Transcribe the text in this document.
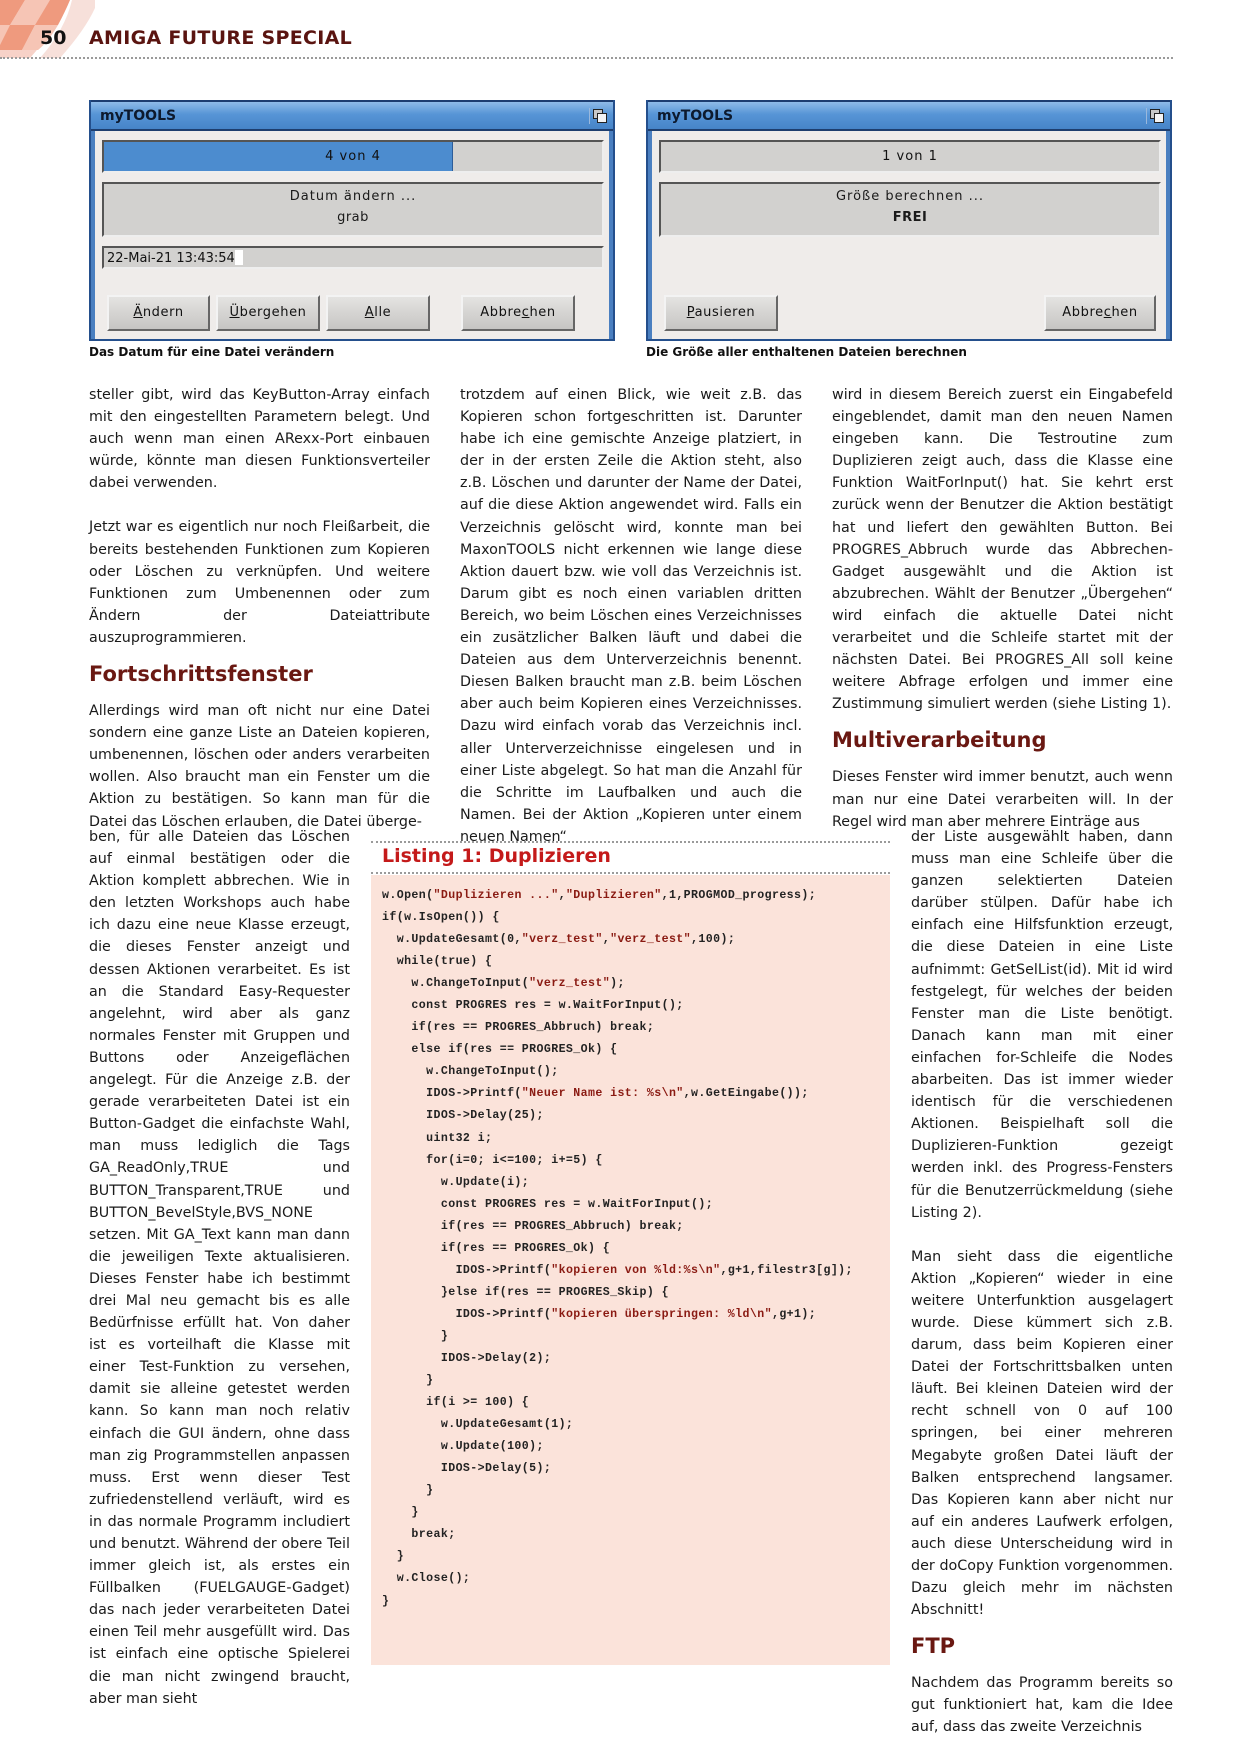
50 AMIGA FUTURE SPECIAL
myTOOLS
4 von 4
Datum ändern ...
grab
22-Mai-21 13:43:54
Ändern	Übergehen	Alle	Abbrechen
Das Datum für eine Datei verändern
myTOOLS
1 von 1
Größe berechnen ...
FREI
Pausieren	Abbrechen
Die Größe aller enthaltenen Dateien berechnen

steller gibt, wird das KeyButton-Array einfach mit den eingestellten Parametern belegt. Und auch wenn man einen ARexx-Port einbauen würde, könnte man diesen Funktionsverteiler dabei verwenden.

Jetzt war es eigentlich nur noch Fleißarbeit, die bereits bestehenden Funktionen zum Kopieren oder Löschen zu verknüpfen. Und weitere Funktionen zum Umbenennen oder zum Ändern der Dateiattribute auszuprogrammieren.

Fortschrittsfenster

Allerdings wird man oft nicht nur eine Datei sondern eine ganze Liste an Dateien kopieren, umbenennen, löschen oder anders verarbeiten wollen. Also braucht man ein Fenster um die Aktion zu bestätigen. So kann man für die Datei das Löschen erlauben, die Datei überge-

ben, für alle Dateien das Löschen auf einmal bestätigen oder die Aktion komplett abbrechen. Wie in den letzten Workshops auch habe ich dazu eine neue Klasse erzeugt, die dieses Fenster anzeigt und dessen Aktionen verarbeitet. Es ist an die Standard Easy-Requester angelehnt, wird aber als ganz normales Fenster mit Gruppen und Buttons oder Anzeigeflächen angelegt. Für die Anzeige z.B. der gerade verarbeiteten Datei ist ein Button-Gadget die einfachste Wahl, man muss lediglich die Tags GA_ReadOnly,TRUE und BUTTON_Transparent,TRUE und BUTTON_BevelStyle,BVS_NONE setzen. Mit GA_Text kann man dann die jeweiligen Texte aktualisieren. Dieses Fenster habe ich bestimmt drei Mal neu gemacht bis es alle Bedürfnisse erfüllt hat. Von daher ist es vorteilhaft die Klasse mit einer Test-Funktion zu versehen, damit sie alleine getestet werden kann. So kann man noch relativ einfach die GUI ändern, ohne dass man zig Programmstellen anpassen muss. Erst wenn dieser Test zufriedenstellend verläuft, wird es in das normale Programm includiert und benutzt. Während der obere Teil immer gleich ist, als erstes ein Füllbalken (FUELGAUGE-Gadget) das nach jeder verarbeiteten Datei einen Teil mehr ausgefüllt wird. Das ist einfach eine optische Spielerei die man nicht zwingend braucht, aber man sieht

trotzdem auf einen Blick, wie weit z.B. das Kopieren schon fortgeschritten ist. Darunter habe ich eine gemischte Anzeige platziert, in der in der ersten Zeile die Aktion steht, also z.B. Löschen und darunter der Name der Datei, auf die diese Aktion angewendet wird. Falls ein Verzeichnis gelöscht wird, konnte man bei MaxonTOOLS nicht erkennen wie lange diese Aktion dauert bzw. wie voll das Verzeichnis ist. Darum gibt es noch einen variablen dritten Bereich, wo beim Löschen eines Verzeichnisses ein zusätzlicher Balken läuft und dabei die Dateien aus dem Unterverzeichnis benennt. Diesen Balken braucht man z.B. beim Löschen aber auch beim Kopieren eines Verzeichnisses. Dazu wird einfach vorab das Verzeichnis incl. aller Unterverzeichnisse eingelesen und in einer Liste abgelegt. So hat man die Anzahl für die Schritte im Laufbalken und auch die Namen. Bei der Aktion „Kopieren unter einem neuen Namen“

wird in diesem Bereich zuerst ein Eingabefeld eingeblendet, damit man den neuen Namen eingeben kann. Die Testroutine zum Duplizieren zeigt auch, dass die Klasse eine Funktion WaitForInput() hat. Sie kehrt erst zurück wenn der Benutzer die Aktion bestätigt hat und liefert den gewählten Button. Bei PROGRES_Abbruch wurde das Abbrechen-Gadget ausgewählt und die Aktion ist abzubrechen. Wählt der Benutzer „Übergehen“ wird einfach die aktuelle Datei nicht verarbeitet und die Schleife startet mit der nächsten Datei. Bei PROGRES_All soll keine weitere Abfrage erfolgen und immer eine Zustimmung simuliert werden (siehe Listing 1).

Multiverarbeitung

Dieses Fenster wird immer benutzt, auch wenn man nur eine Datei verarbeiten will. In der Regel wird man aber mehrere Einträge aus

der Liste ausgewählt haben, dann muss man eine Schleife über die ganzen selektierten Dateien darüber stülpen. Dafür habe ich einfach eine Hilfsfunktion erzeugt, die diese Dateien in eine Liste aufnimmt: GetSelList(id). Mit id wird festgelegt, für welches der beiden Fenster man die Liste benötigt. Danach kann man mit einer einfachen for-Schleife die Nodes abarbeiten. Das ist immer wieder identisch für die verschiedenen Aktionen. Beispielhaft soll die Duplizieren-Funktion gezeigt werden inkl. des Progress-Fensters für die Benutzerrückmeldung (siehe Listing 2).

Man sieht dass die eigentliche Aktion „Kopieren“ wieder in eine weitere Unterfunktion ausgelagert wurde. Diese kümmert sich z.B. darum, dass beim Kopieren einer Datei der Fortschrittsbalken unten läuft. Bei kleinen Dateien wird der recht schnell von 0 auf 100 springen, bei einer mehreren Megabyte großen Datei läuft der Balken entsprechend langsamer. Das Kopieren kann aber nicht nur auf ein anderes Laufwerk erfolgen, auch diese Unterscheidung wird in der doCopy Funktion vorgenommen. Dazu gleich mehr im nächsten Abschnitt!

FTP

Nachdem das Programm bereits so gut funktioniert hat, kam die Idee auf, dass das zweite Verzeichnis

Listing 1: Duplizieren
w.Open("Duplizieren ...","Duplizieren",1,PROGMOD_progress);
if(w.IsOpen()) {
w.UpdateGesamt(0,"verz_test","verz_test",100);
while(true) {
w.ChangeToInput("verz_test");
const PROGRES res = w.WaitForInput();
if(res == PROGRES_Abbruch) break;
else if(res == PROGRES_Ok) {
w.ChangeToInput();
IDOS->Printf("Neuer Name ist: %s\n",w.GetEingabe());
IDOS->Delay(25);
uint32 i;
for(i=0; i<=100; i+=5) {
w.Update(i);
const PROGRES res = w.WaitForInput();
if(res == PROGRES_Abbruch) break;
if(res == PROGRES_Ok) {
IDOS->Printf("kopieren von %ld:%s\n",g+1,filestr3[g]);
}else if(res == PROGRES_Skip) {
IDOS->Printf("kopieren überspringen: %ld\n",g+1);
}
IDOS->Delay(2);
}
if(i >= 100) {
w.UpdateGesamt(1);
w.Update(100);
IDOS->Delay(5);
}
}
break;
}
w.Close();
}
